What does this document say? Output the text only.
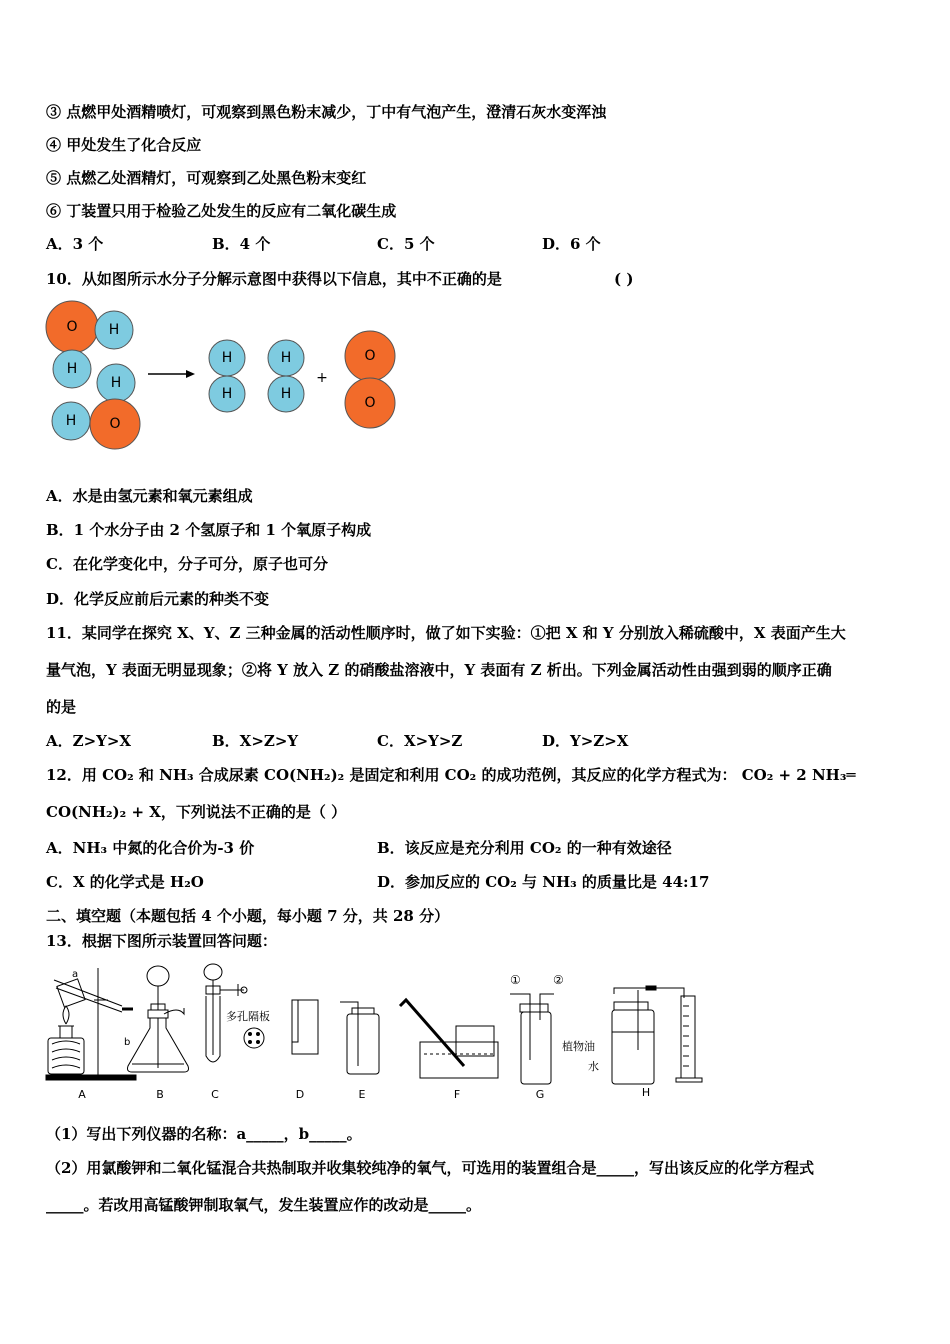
③ 点燃甲处酒精喷灯，可观察到黑色粉末减少，丁中有气泡产生，澄清石灰水变浑浊
④ 甲处发生了化合反应
⑤ 点燃乙处酒精灯，可观察到乙处黑色粉末变红
⑥ 丁装置只用于检验乙处发生的反应有二氧化碳生成
A．3 个	B．4 个	C．5 个	D．6 个
10．从如图所示水分子分解示意图中获得以下信息，其中不正确的是	( )
O H
H
H
H O
H
H
H
H
+
O
O
A．水是由氢元素和氧元素组成
B．1 个水分子由 2 个氢原子和 1 个氧原子构成
C．在化学变化中，分子可分，原子也可分
D．化学反应前后元素的种类不变
11．某同学在探究 X、Y、Z 三种金属的活动性顺序时，做了如下实验：①把 X 和 Y 分别放入稀硫酸中，X 表面产生大
量气泡，Y 表面无明显现象；②将 Y 放入 Z 的硝酸盐溶液中，Y 表面有 Z 析出。下列金属活动性由强到弱的顺序正确
的是
A．Z>Y>X	B．X>Z>Y	C．X>Y>Z	D．Y>Z>X
12．用 CO₂ 和 NH₃ 合成尿素 CO(NH₂)₂ 是固定和利用 CO₂ 的成功范例，其反应的化学方程式为： CO₂ + 2 NH₃═
CO(NH₂)₂ + X，下列说法不正确的是（ ）
A．NH₃ 中氮的化合价为-3 价	B．该反应是充分利用 CO₂ 的一种有效途径
C．X 的化学式是 H₂O	D．参加反应的 CO₂ 与 NH₃ 的质量比是 44:17
二、填空题（本题包括 4 个小题，每小题 7 分，共 28 分）
13．根据下图所示装置回答问题：
a
b
多孔隔板
①	②
植物油
水
A	B	C	D	E	F	G	H
（1）写出下列仪器的名称：a_____，b_____。
（2）用氯酸钾和二氧化锰混合共热制取并收集较纯净的氧气，可选用的装置组合是_____，写出该反应的化学方程式
_____。若改用高锰酸钾制取氧气，发生装置应作的改动是_____。
